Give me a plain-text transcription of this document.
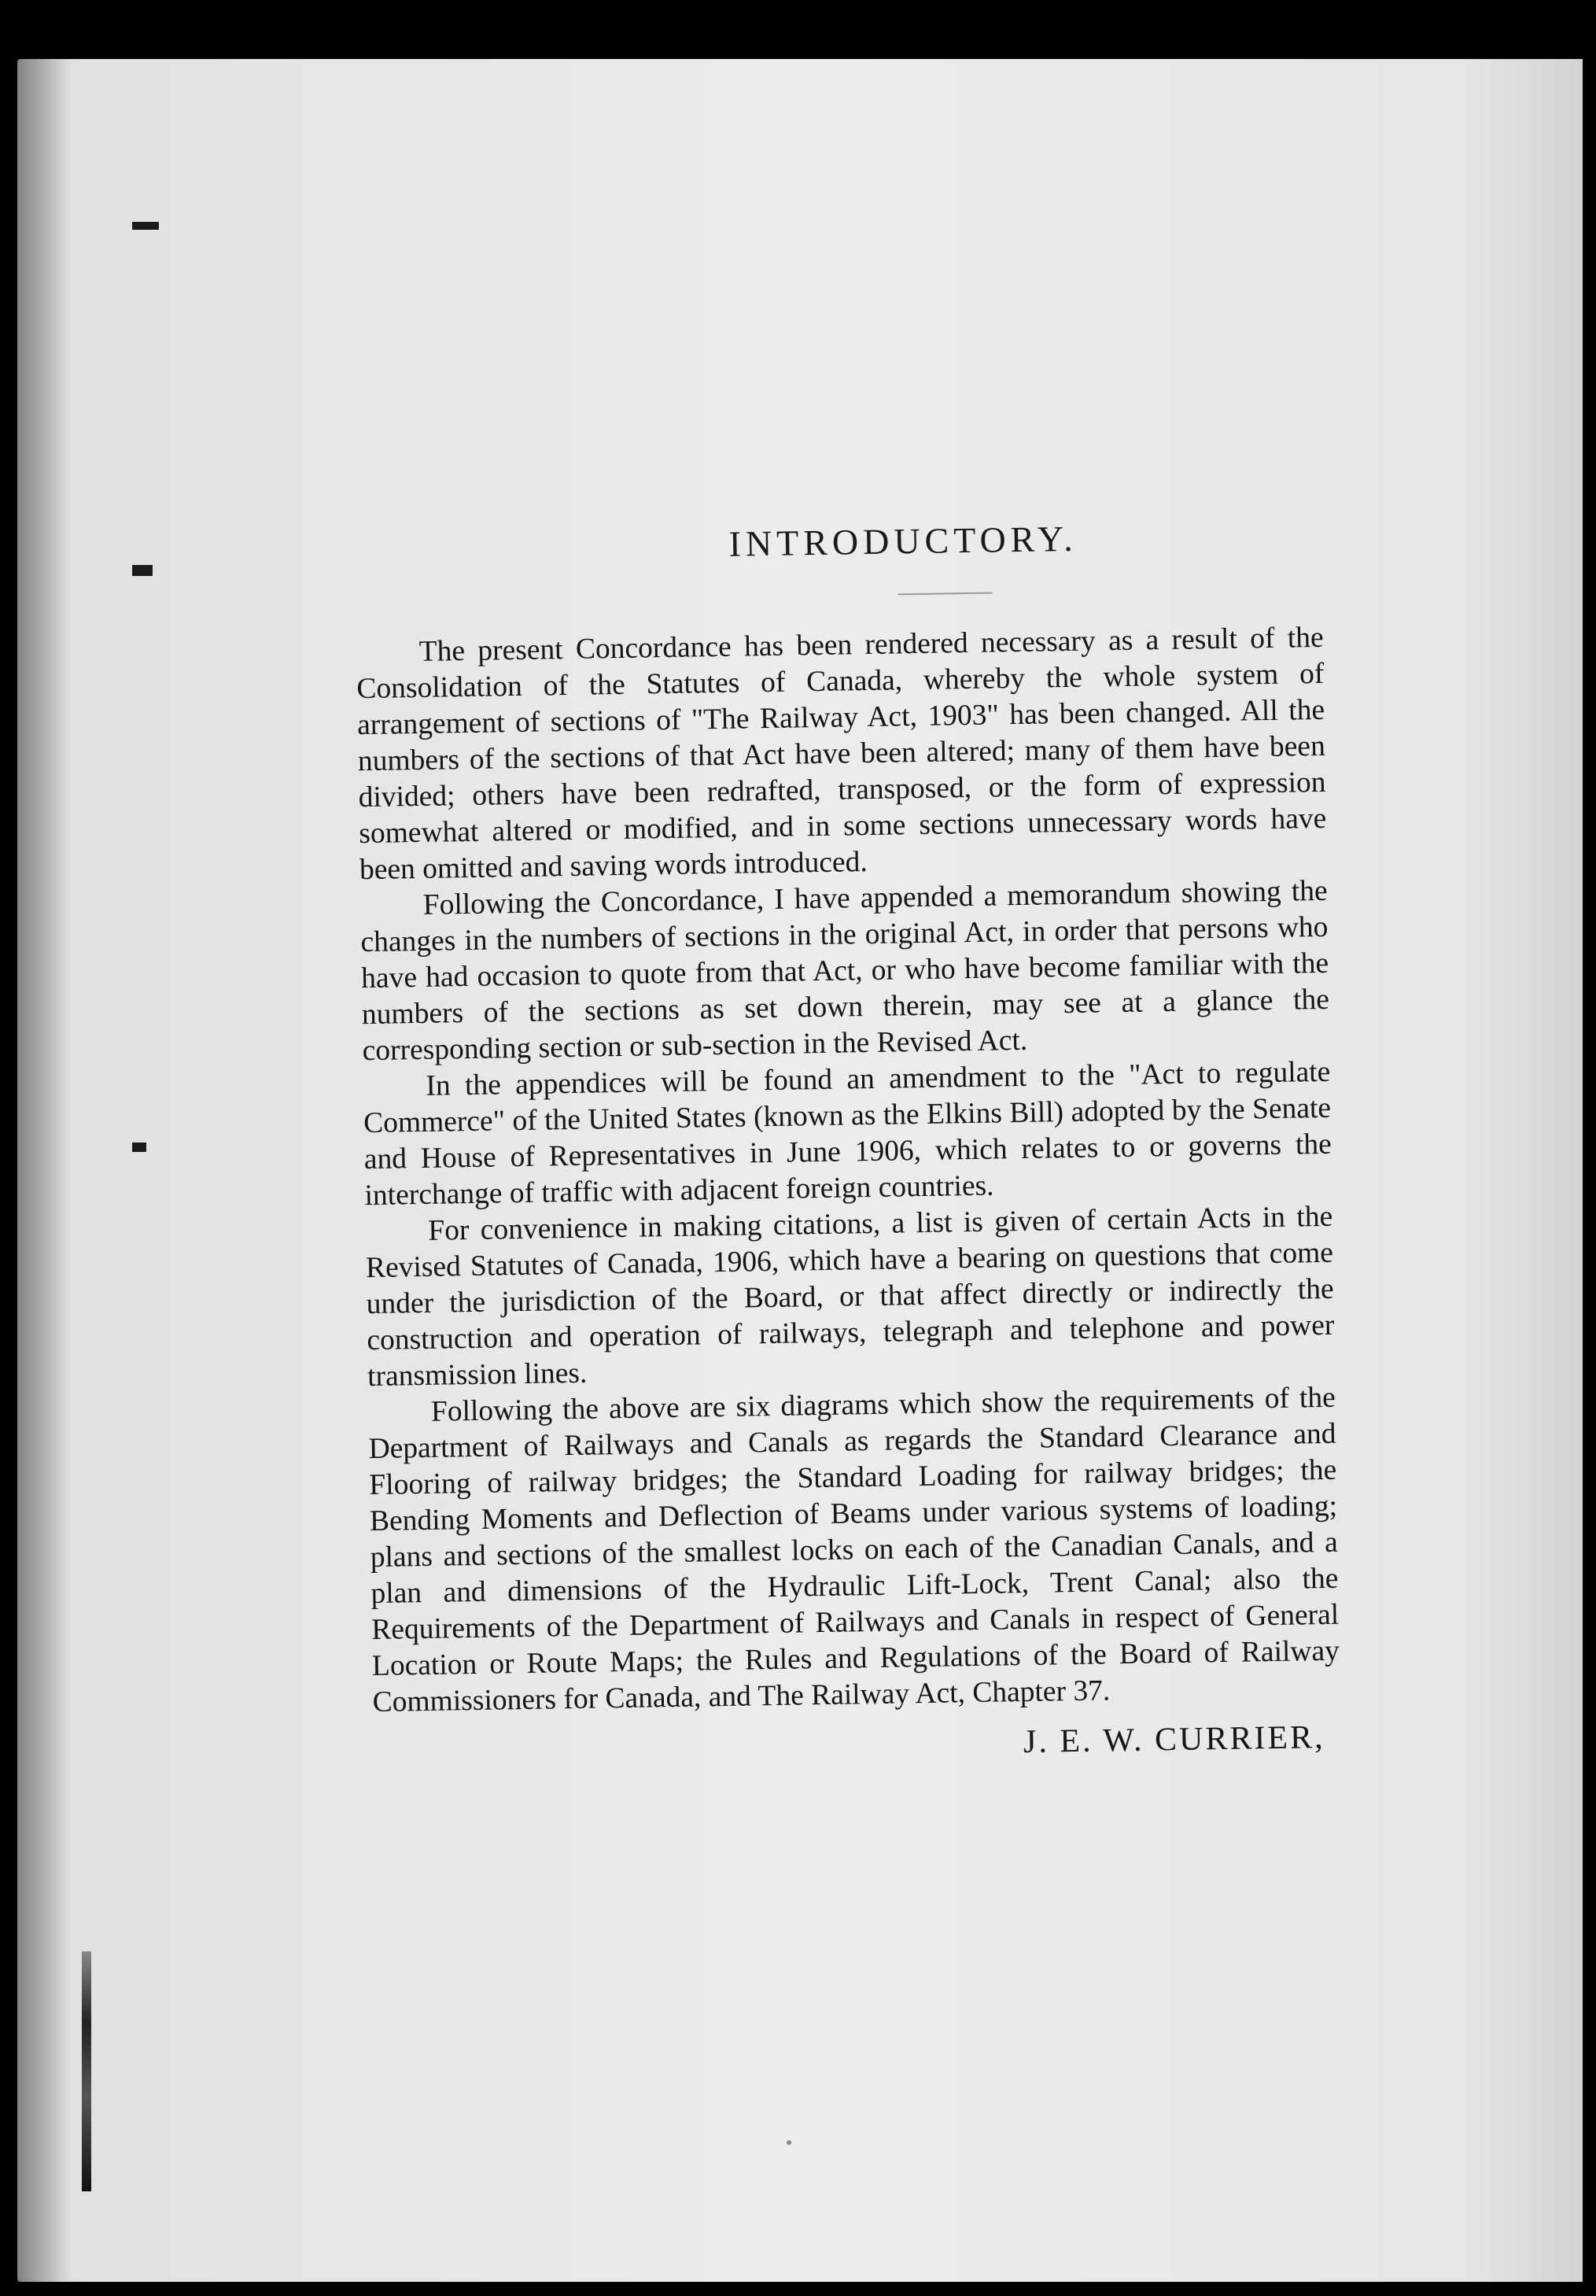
INTRODUCTORY.

The present Concordance has been rendered necessary as a result of the Consolidation of the Statutes of Canada, whereby the whole system of arrangement of sections of "The Railway Act, 1903" has been changed. All the numbers of the sections of that Act have been altered; many of them have been divided; others have been redrafted, transposed, or the form of expression somewhat altered or modified, and in some sections unnecessary words have been omitted and saving words introduced.

Following the Concordance, I have appended a memorandum showing the changes in the numbers of sections in the original Act, in order that persons who have had occasion to quote from that Act, or who have become familiar with the numbers of the sections as set down therein, may see at a glance the corresponding section or sub-section in the Revised Act.

In the appendices will be found an amendment to the "Act to regulate Commerce" of the United States (known as the Elkins Bill) adopted by the Senate and House of Representatives in June 1906, which relates to or governs the interchange of traffic with adjacent foreign countries.

For convenience in making citations, a list is given of certain Acts in the Revised Statutes of Canada, 1906, which have a bearing on questions that come under the jurisdiction of the Board, or that affect directly or indirectly the construction and operation of railways, telegraph and telephone and power transmission lines.

Following the above are six diagrams which show the requirements of the Department of Railways and Canals as regards the Standard Clearance and Flooring of railway bridges; the Standard Loading for railway bridges; the Bending Moments and Deflection of Beams under various systems of loading; plans and sections of the smallest locks on each of the Canadian Canals, and a plan and dimensions of the Hydraulic Lift-Lock, Trent Canal; also the Requirements of the Department of Railways and Canals in respect of General Location or Route Maps; the Rules and Regulations of the Board of Railway Commissioners for Canada, and The Railway Act, Chapter 37.

J. E. W. CURRIER,
